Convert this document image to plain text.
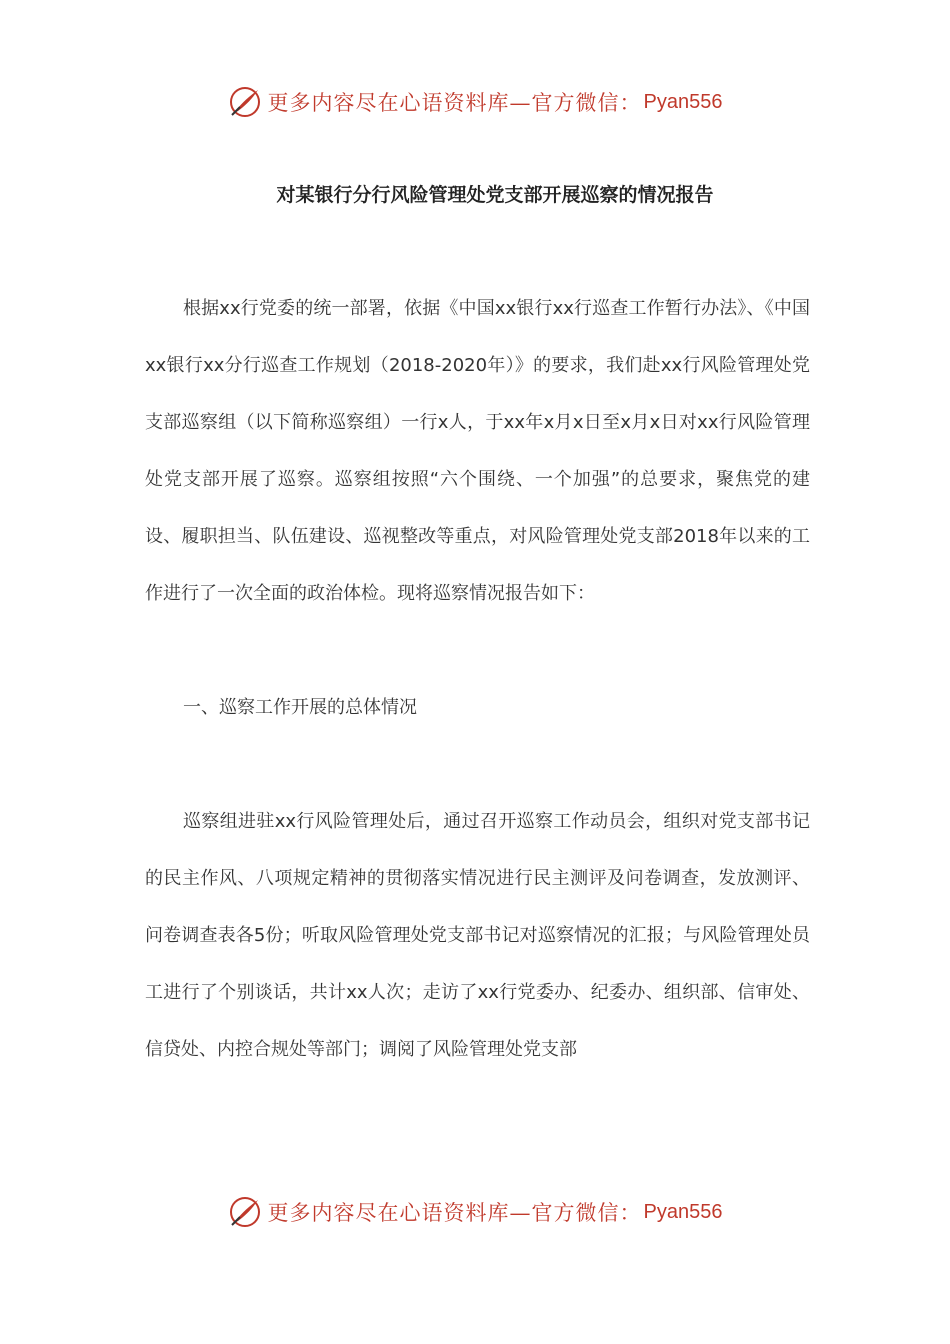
更多内容尽在心语资料库—官方微信： Pyan556
对某银行分行风险管理处党支部开展巡察的情况报告

根据xx行党委的统一部署，依据《中国xx银行xx行巡查工作暂行办法》、《中国xx银行xx分行巡查工作规划（2018-2020年）》的要求，我们赴xx行风险管理处党支部巡察组（以下简称巡察组）一行x人，于xx年x月x日至x月x日对xx行风险管理处党支部开展了巡察。巡察组按照“六个围绕、一个加强”的总要求，聚焦党的建设、履职担当、队伍建设、巡视整改等重点，对风险管理处党支部2018年以来的工作进行了一次全面的政治体检。现将巡察情况报告如下：

一、巡察工作开展的总体情况

巡察组进驻xx行风险管理处后，通过召开巡察工作动员会，组织对党支部书记的民主作风、八项规定精神的贯彻落实情况进行民主测评及问卷调查，发放测评、问卷调查表各5份；听取风险管理处党支部书记对巡察情况的汇报；与风险管理处员工进行了个别谈话，共计xx人次；走访了xx行党委办、纪委办、组织部、信审处、信贷处、内控合规处等部门；调阅了风险管理处党支部

更多内容尽在心语资料库—官方微信： Pyan556
